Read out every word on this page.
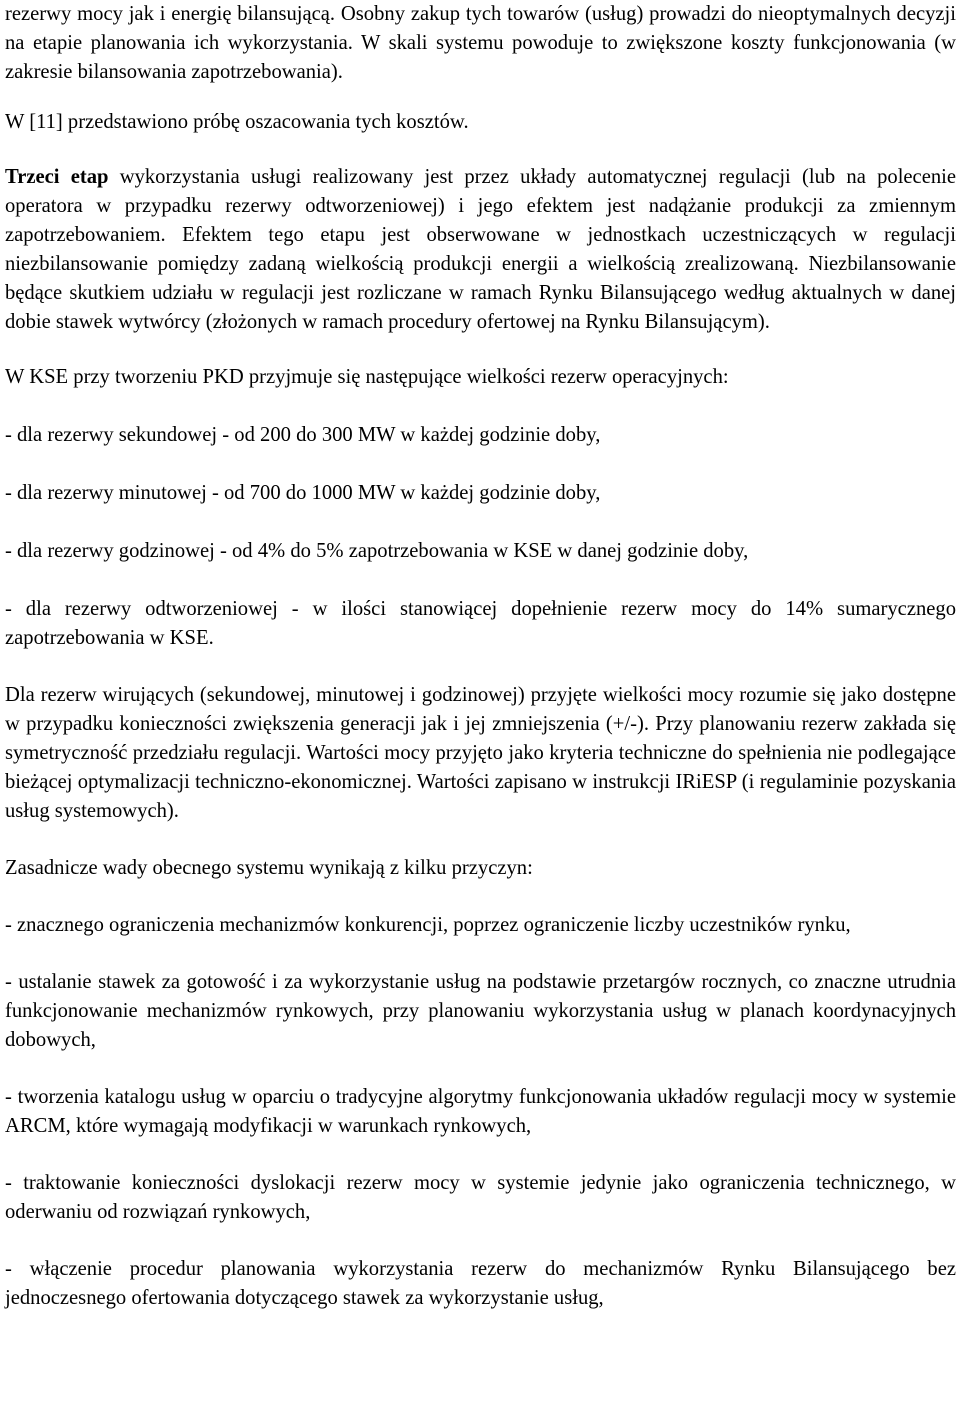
rezerwy mocy jak i energię bilansującą. Osobny zakup tych towarów (usług) prowadzi do nieoptymalnych decyzji na etapie planowania ich wykorzystania. W skali systemu powoduje to zwiększone koszty funkcjonowania (w zakresie bilansowania zapotrzebowania).

W [11] przedstawiono próbę oszacowania tych kosztów.

Trzeci etap wykorzystania usługi realizowany jest przez układy automatycznej regulacji (lub na polecenie operatora w przypadku rezerwy odtworzeniowej) i jego efektem jest nadążanie produkcji za zmiennym zapotrzebowaniem. Efektem tego etapu jest obserwowane w jednostkach uczestniczących w regulacji niezbilansowanie pomiędzy zadaną wielkością produkcji energii a wielkością zrealizowaną. Niezbilansowanie będące skutkiem udziału w regulacji jest rozliczane w ramach Rynku Bilansującego według aktualnych w danej dobie stawek wytwórcy (złożonych w ramach procedury ofertowej na Rynku Bilansującym).

W KSE przy tworzeniu PKD przyjmuje się następujące wielkości rezerw operacyjnych:

- dla rezerwy sekundowej - od 200 do 300 MW w każdej godzinie doby,

- dla rezerwy minutowej - od 700 do 1000 MW w każdej godzinie doby,

- dla rezerwy godzinowej - od 4% do 5% zapotrzebowania w KSE w danej godzinie doby,

- dla rezerwy odtworzeniowej - w ilości stanowiącej dopełnienie rezerw mocy do 14% sumarycznego zapotrzebowania w KSE.

Dla rezerw wirujących (sekundowej, minutowej i godzinowej) przyjęte wielkości mocy rozumie się jako dostępne w przypadku konieczności zwiększenia generacji jak i jej zmniejszenia (+/-). Przy planowaniu rezerw zakłada się symetryczność przedziału regulacji. Wartości mocy przyjęto jako kryteria techniczne do spełnienia nie podlegające bieżącej optymalizacji techniczno-ekonomicznej. Wartości zapisano w instrukcji IRiESP (i regulaminie pozyskania usług systemowych).

Zasadnicze wady obecnego systemu wynikają z kilku przyczyn:

- znacznego ograniczenia mechanizmów konkurencji, poprzez ograniczenie liczby uczestników rynku,

- ustalanie stawek za gotowość i za wykorzystanie usług na podstawie przetargów rocznych, co znaczne utrudnia funkcjonowanie mechanizmów rynkowych, przy planowaniu wykorzystania usług w planach koordynacyjnych dobowych,

- tworzenia katalogu usług w oparciu o tradycyjne algorytmy funkcjonowania układów regulacji mocy w systemie ARCM, które wymagają modyfikacji w warunkach rynkowych,

- traktowanie konieczności dyslokacji rezerw mocy w systemie jedynie jako ograniczenia technicznego, w oderwaniu od rozwiązań rynkowych,

- włączenie procedur planowania wykorzystania rezerw do mechanizmów Rynku Bilansującego bez jednoczesnego ofertowania dotyczącego stawek za wykorzystanie usług,
